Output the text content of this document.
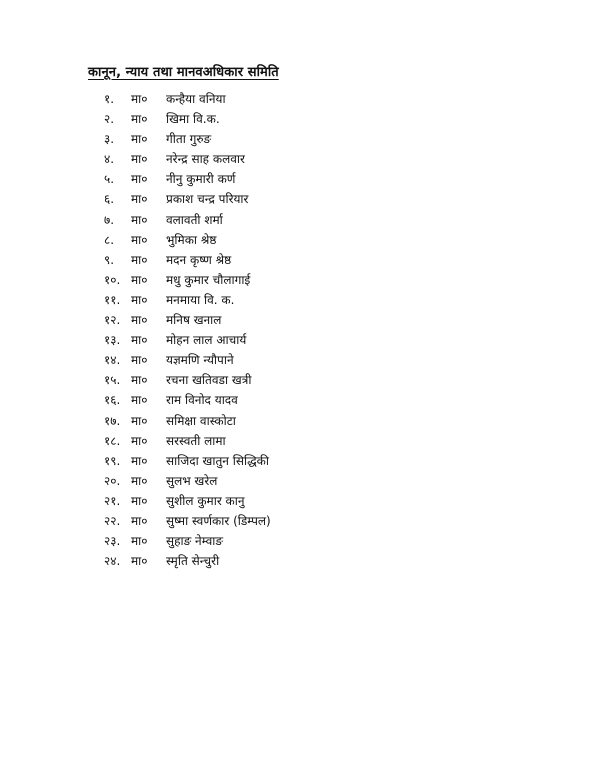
कानून, न्याय तथा मानवअधिकार समिति
१.	मा० कन्हैया वनिया
२.	मा० खिमा वि.क.
३.	मा० गीता गुरुङ
४.	मा० नरेन्द्र साह कलवार
५.	मा० नीनु कुमारी कर्ण
६.	मा० प्रकाश चन्द्र परियार
७.	मा० वलावती शर्मा
८.	मा० भुमिका श्रेष्ठ
९.	मा० मदन कृष्ण श्रेष्ठ
१०. मा० मधु कुमार चौलागाई
११. मा० मनमाया वि. क.
१२. मा० मनिष खनाल
१३. मा० मोहन लाल आचार्य
१४. मा० यज्ञमणि न्यौपाने
१५. मा० रचना खतिवडा खत्री
१६. मा० राम विनोद यादव
१७. मा० समिक्षा वास्कोटा
१८. मा० सरस्वती लामा
१९. मा० साजिदा खातुन सिद्धिकी
२०. मा० सुलभ खरेल
२१. मा० सुशील कुमार कानु
२२. मा० सुष्मा स्वर्णकार (डिम्पल)
२३. मा० सुहाङ नेम्वाङ
२४. मा० स्मृति सेन्चुरी
